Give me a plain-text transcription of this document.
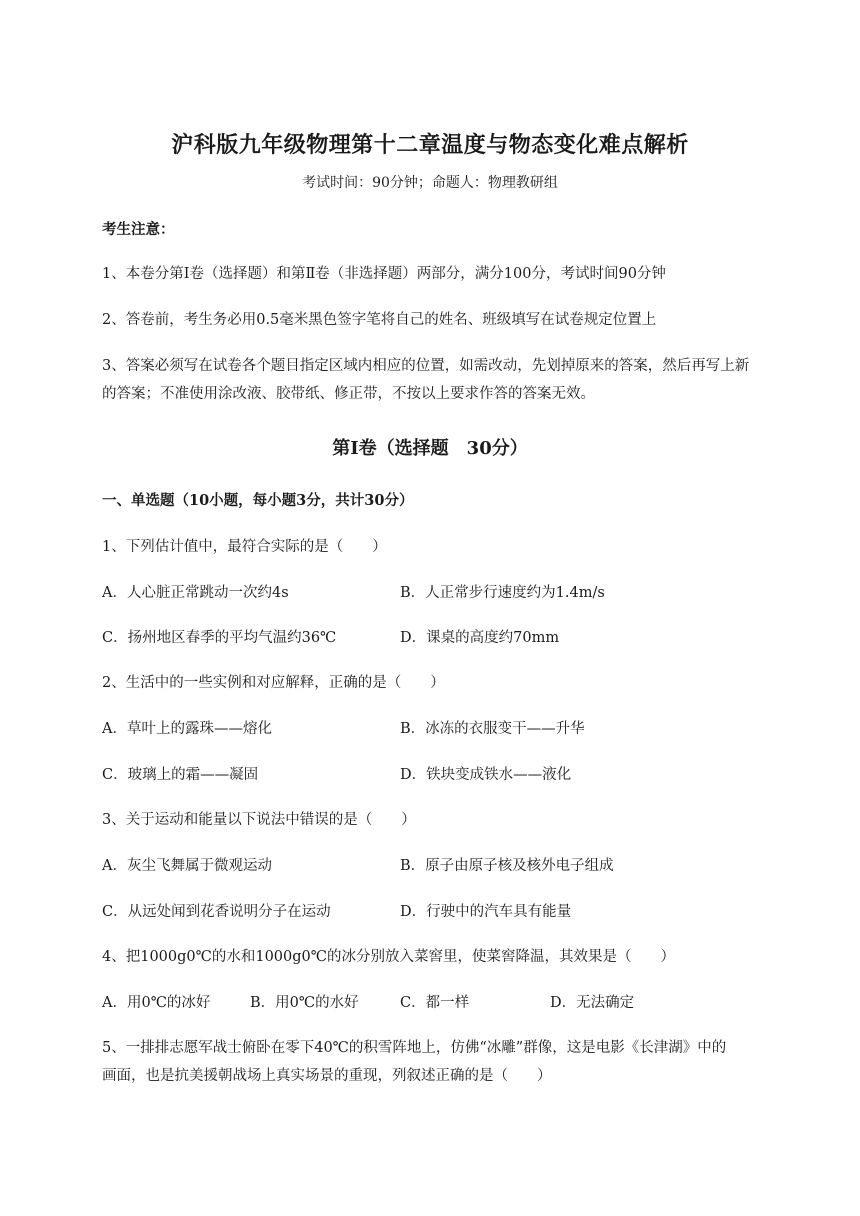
沪科版九年级物理第十二章温度与物态变化难点解析
考试时间：90分钟；命题人：物理教研组
考生注意：
1、本卷分第Ⅰ卷（选择题）和第Ⅱ卷（非选择题）两部分，满分100分，考试时间90分钟
2、答卷前，考生务必用0.5毫米黑色签字笔将自己的姓名、班级填写在试卷规定位置上
3、答案必须写在试卷各个题目指定区域内相应的位置，如需改动，先划掉原来的答案，然后再写上新
的答案；不准使用涂改液、胶带纸、修正带，不按以上要求作答的答案无效。
第Ⅰ卷（选择题　30分）
一、单选题（10小题，每小题3分，共计30分）
1、下列估计值中，最符合实际的是（　　）
A．人心脏正常跳动一次约4s	B．人正常步行速度约为1.4m/s
C．扬州地区春季的平均气温约36℃	D．课桌的高度约70mm
2、生活中的一些实例和对应解释，正确的是（　　）
A．草叶上的露珠——熔化	B．冰冻的衣服变干——升华
C．玻璃上的霜——凝固	D．铁块变成铁水——液化
3、关于运动和能量以下说法中错误的是（　　）
A．灰尘飞舞属于微观运动	B．原子由原子核及核外电子组成
C．从远处闻到花香说明分子在运动	D．行驶中的汽车具有能量
4、把1000g0℃的水和1000g0℃的冰分别放入菜窖里，使菜窖降温，其效果是（　　）
A．用0℃的冰好	B．用0℃的水好	C．都一样	D．无法确定
5、一排排志愿军战士俯卧在零下40℃的积雪阵地上，仿佛“冰雕”群像，这是电影《长津湖》中的
画面，也是抗美援朝战场上真实场景的重现，列叙述正确的是（　　）
